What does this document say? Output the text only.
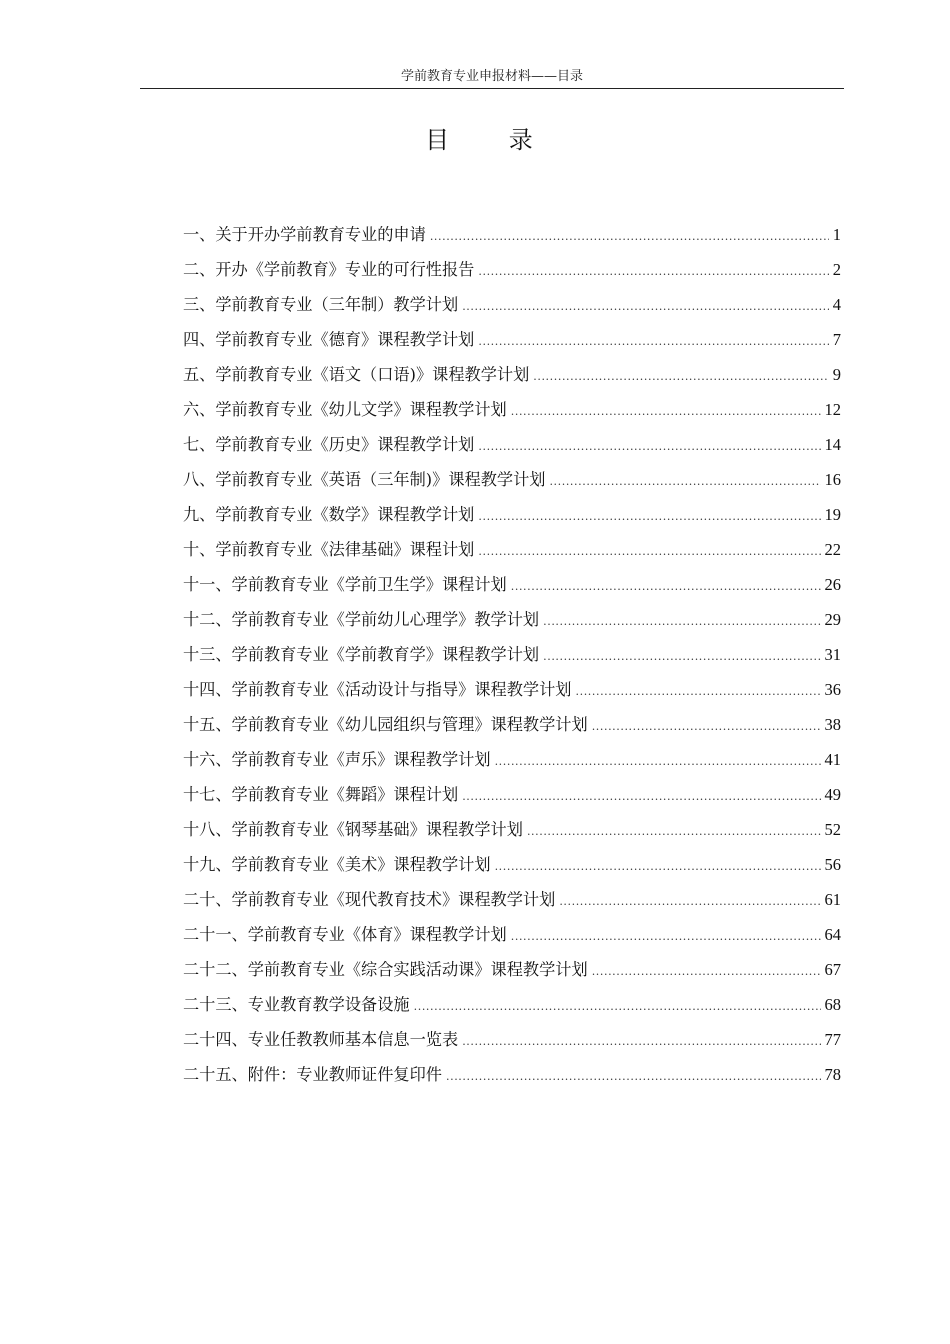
学前教育专业申报材料——目录
目 录
一、关于开办学前教育专业的申请 .....	1
二、开办《学前教育》专业的可行性报告 .....	2
三、学前教育专业（三年制）教学计划 .....	4
四、学前教育专业《德育》课程教学计划 .....	7
五、学前教育专业《语文（口语)》课程教学计划 .....	9
六、学前教育专业《幼儿文学》课程教学计划 .....	12
七、学前教育专业《历史》课程教学计划 .....	14
八、学前教育专业《英语（三年制)》课程教学计划 .....	16
九、学前教育专业《数学》课程教学计划 .....	19
十、学前教育专业《法律基础》课程计划 .....	22
十一、学前教育专业《学前卫生学》课程计划 .....	26
十二、学前教育专业《学前幼儿心理学》教学计划 .....	29
十三、学前教育专业《学前教育学》课程教学计划 .....	31
十四、学前教育专业《活动设计与指导》课程教学计划 .....	36
十五、学前教育专业《幼儿园组织与管理》课程教学计划 .....	38
十六、学前教育专业《声乐》课程教学计划 .....	41
十七、学前教育专业《舞蹈》课程计划 .....	49
十八、学前教育专业《钢琴基础》课程教学计划 .....	52
十九、学前教育专业《美术》课程教学计划 .....	56
二十、学前教育专业《现代教育技术》课程教学计划 .....	61
二十一、学前教育专业《体育》课程教学计划 .....	64
二十二、学前教育专业《综合实践活动课》课程教学计划 .....	67
二十三、专业教育教学设备设施 .....	68
二十四、专业任教教师基本信息一览表 .....	77
二十五、附件：专业教师证件复印件 .....	78
